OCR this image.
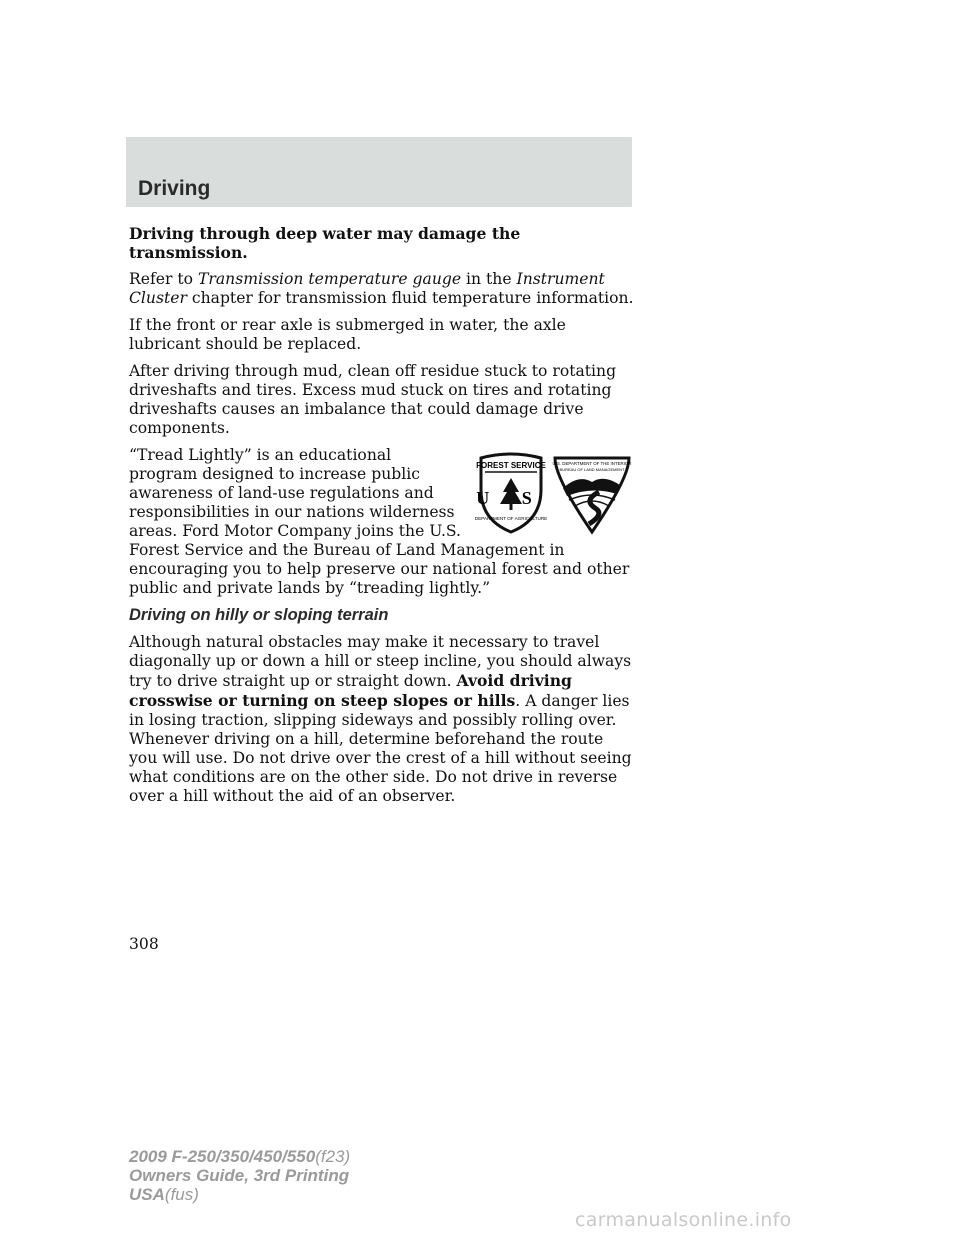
Driving

Driving through deep water may damage the transmission.

Refer to Transmission temperature gauge in the Instrument Cluster chapter for transmission fluid temperature information.

If the front or rear axle is submerged in water, the axle lubricant should be replaced.

After driving through mud, clean off residue stuck to rotating driveshafts and tires. Excess mud stuck on tires and rotating driveshafts causes an imbalance that could damage drive components.

FOREST SERVICE
U S
DEPARTMENT OF AGRICULTURE
U.S. DEPARTMENT OF THE INTERIOR
BUREAU OF LAND MANAGEMENT

“Tread Lightly” is an educational program designed to increase public awareness of land-use regulations and responsibilities in our nations wilderness areas. Ford Motor Company joins the U.S. Forest Service and the Bureau of Land Management in encouraging you to help preserve our national forest and other public and private lands by “treading lightly.”

Driving on hilly or sloping terrain

Although natural obstacles may make it necessary to travel diagonally up or down a hill or steep incline, you should always try to drive straight up or straight down. Avoid driving crosswise or turning on steep slopes or hills. A danger lies in losing traction, slipping sideways and possibly rolling over. Whenever driving on a hill, determine beforehand the route you will use. Do not drive over the crest of a hill without seeing what conditions are on the other side. Do not drive in reverse over a hill without the aid of an observer.

308
2009 F-250/350/450/550(f23)
Owners Guide, 3rd Printing
USA(fus)
carmanualsonline.info
